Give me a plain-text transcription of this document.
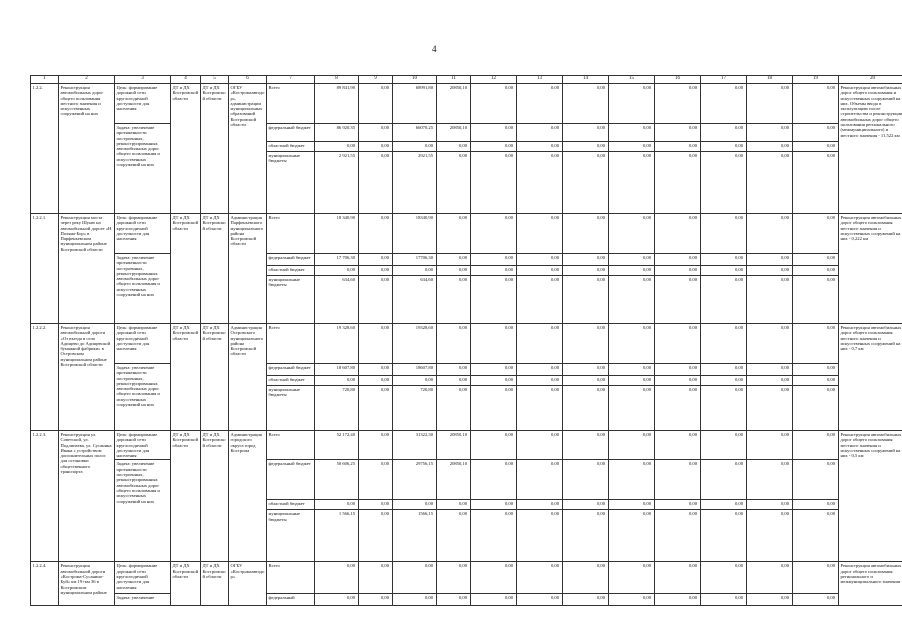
4
1	2	3	4	5	6	7	8	9	10	11	12	13	14	15	16	17	18	19	20
1.2.2.	Реконструкция автомобильных дорог общего пользования местного значения и искусственных сооружений на них	Цель: формирование дорожной сети круглогодичной доступности для населения	ДТ и ДХ Костромской области	ДТ и ДХ Костромской области	ОГБУ «Костромаавтодор», администрации муниципальных образований Костромской области	Всего	89 841,90	0,00	68991,80	20850,10	0,00	0,00	0,00	0,00	0,00	0,00	0,00	0,00	Реконструкция автомобильных дорог общего пользования и искусственных сооружений на них. Объемы ввода в эксплуатацию после строительства и реконструкции автомобильных дорог общего пользования регионального (межмуниципального) и местного значения - 11,522 км
		Задача: увеличение протяженности построенных, реконструированных автомобильных дорог общего пользования и искусственных сооружений на них				федеральный бюджет	86 920,35	0,00	66070,25	20850,10	0,00	0,00	0,00	0,00	0,00	0,00	0,00	0,00	
						областной бюджет	0,00	0,00	0,00	0,00	0,00	0,00	0,00	0,00	0,00	0,00	0,00	0,00	
						муниципальные бюджеты	2 921,55	0,00	2921,55	0,00	0,00	0,00	0,00	0,00	0,00	0,00	0,00	0,00	
1.2.2.1.	Реконструкция моста через реку Шуню на автомобильной дороге «Н. Поляна-Бор» в Парфеньевском муниципальном районе Костромской области	Цель: формирование дорожной сети круглогодичной доступности для населения	ДТ и ДХ Костромской области	ДТ и ДХ Костромской области	Администрация Парфеньевского муниципального района Костромской области	Всего	18 340,90	0,00	18340,90	0,00	0,00	0,00	0,00	0,00	0,00	0,00	0,00	0,00	Реконструкция автомобильных дорог общего пользования местного значения и искусственных сооружений на них - 0,222 км
		Задача: увеличение протяженности построенных, реконструированных автомобильных дорог общего пользования и искусственных сооружений на них				федеральный бюджет	17 706,30	0,00	17706,30	0,00	0,00	0,00	0,00	0,00	0,00	0,00	0,00	0,00	
						областной бюджет	0,00	0,00	0,00	0,00	0,00	0,00	0,00	0,00	0,00	0,00	0,00	0,00	
						муниципальные бюджеты	634,60	0,00	634,60	0,00	0,00	0,00	0,00	0,00	0,00	0,00	0,00	0,00	
1.2.2.2.	Реконструкция автомобильной дороги «От въезда в село Адищево до Адищевской бумажной фабрики» в Островском муниципальном районе Костромской области	Цель: формирование дорожной сети круглогодичной доступности для населения	ДТ и ДХ Костромской области	ДТ и ДХ Костромской области	Администрация Островского муниципального района Костромской области	Всего	19 328,60	0,00	19328,60	0,00	0,00	0,00	0,00	0,00	0,00	0,00	0,00	0,00	Реконструкция автомобильных дорог общего пользования местного значения и искусственных сооружений на них - 0,7 км
		Задача: увеличение протяженности построенных, реконструированных автомобильных дорог общего пользования и искусственных сооружений на них				федеральный бюджет	18 607,80	0,00	18607,80	0,00	0,00	0,00	0,00	0,00	0,00	0,00	0,00	0,00	
						областной бюджет	0,00	0,00	0,00	0,00	0,00	0,00	0,00	0,00	0,00	0,00	0,00	0,00	
						муниципальные бюджеты	720,80	0,00	720,80	0,00	0,00	0,00	0,00	0,00	0,00	0,00	0,00	0,00	
1.2.2.3.	Реконструкция ул. Советской, ул. Подлипаева, ул. Сусанина Ивана с устройством дополнительных полос для остановки общественного транспорта	Цель: формирование дорожной сети круглогодичной доступности для населения	ДТ и ДХ Костромской области	ДТ и ДХ Костромской области	Администрация городского округа город Кострома	Всего	52 172,40	0,00	31322,30	20850,10	0,00	0,00	0,00	0,00	0,00	0,00	0,00	0,00	Реконструкция автомобильных дорог общего пользования местного значения и искусственных сооружений на них - 0,5 км
		Задача: увеличение протяженности построенных, реконструированных автомобильных дорог общего пользования и искусственных сооружений на них				федеральный бюджет	50 606,25	0,00	29756,15	20850,10	0,00	0,00	0,00	0,00	0,00	0,00	0,00	0,00	
						областной бюджет	0,00	0,00	0,00	0,00	0,00	0,00	0,00	0,00	0,00	0,00	0,00	0,00	
						муниципальные бюджеты	1 566,15	0,00	1566,15	0,00	0,00	0,00	0,00	0,00	0,00	0,00	0,00	0,00	
1.2.2.4.	Реконструкция автомобильной дороги «Кострома-Сусанино-Буй» км 19+км 36 в Костромском муниципальном районе	Цель: формирование дорожной сети круглогодичной доступности для населения	ДТ и ДХ Костромской области	ДТ и ДХ Костромской области	ОГБУ «Костромаавтодор»	Всего	0,00	0,00	0,00	0,00	0,00	0,00	0,00	0,00	0,00	0,00	0,00	0,00	Реконструкция автомобильных дорог общего пользования регионального и межмуниципального значения
		Задача: увеличение				федеральный	0,00	0,00	0,00	0,00	0,00	0,00	0,00	0,00	0,00	0,00	0,00	0,00	
